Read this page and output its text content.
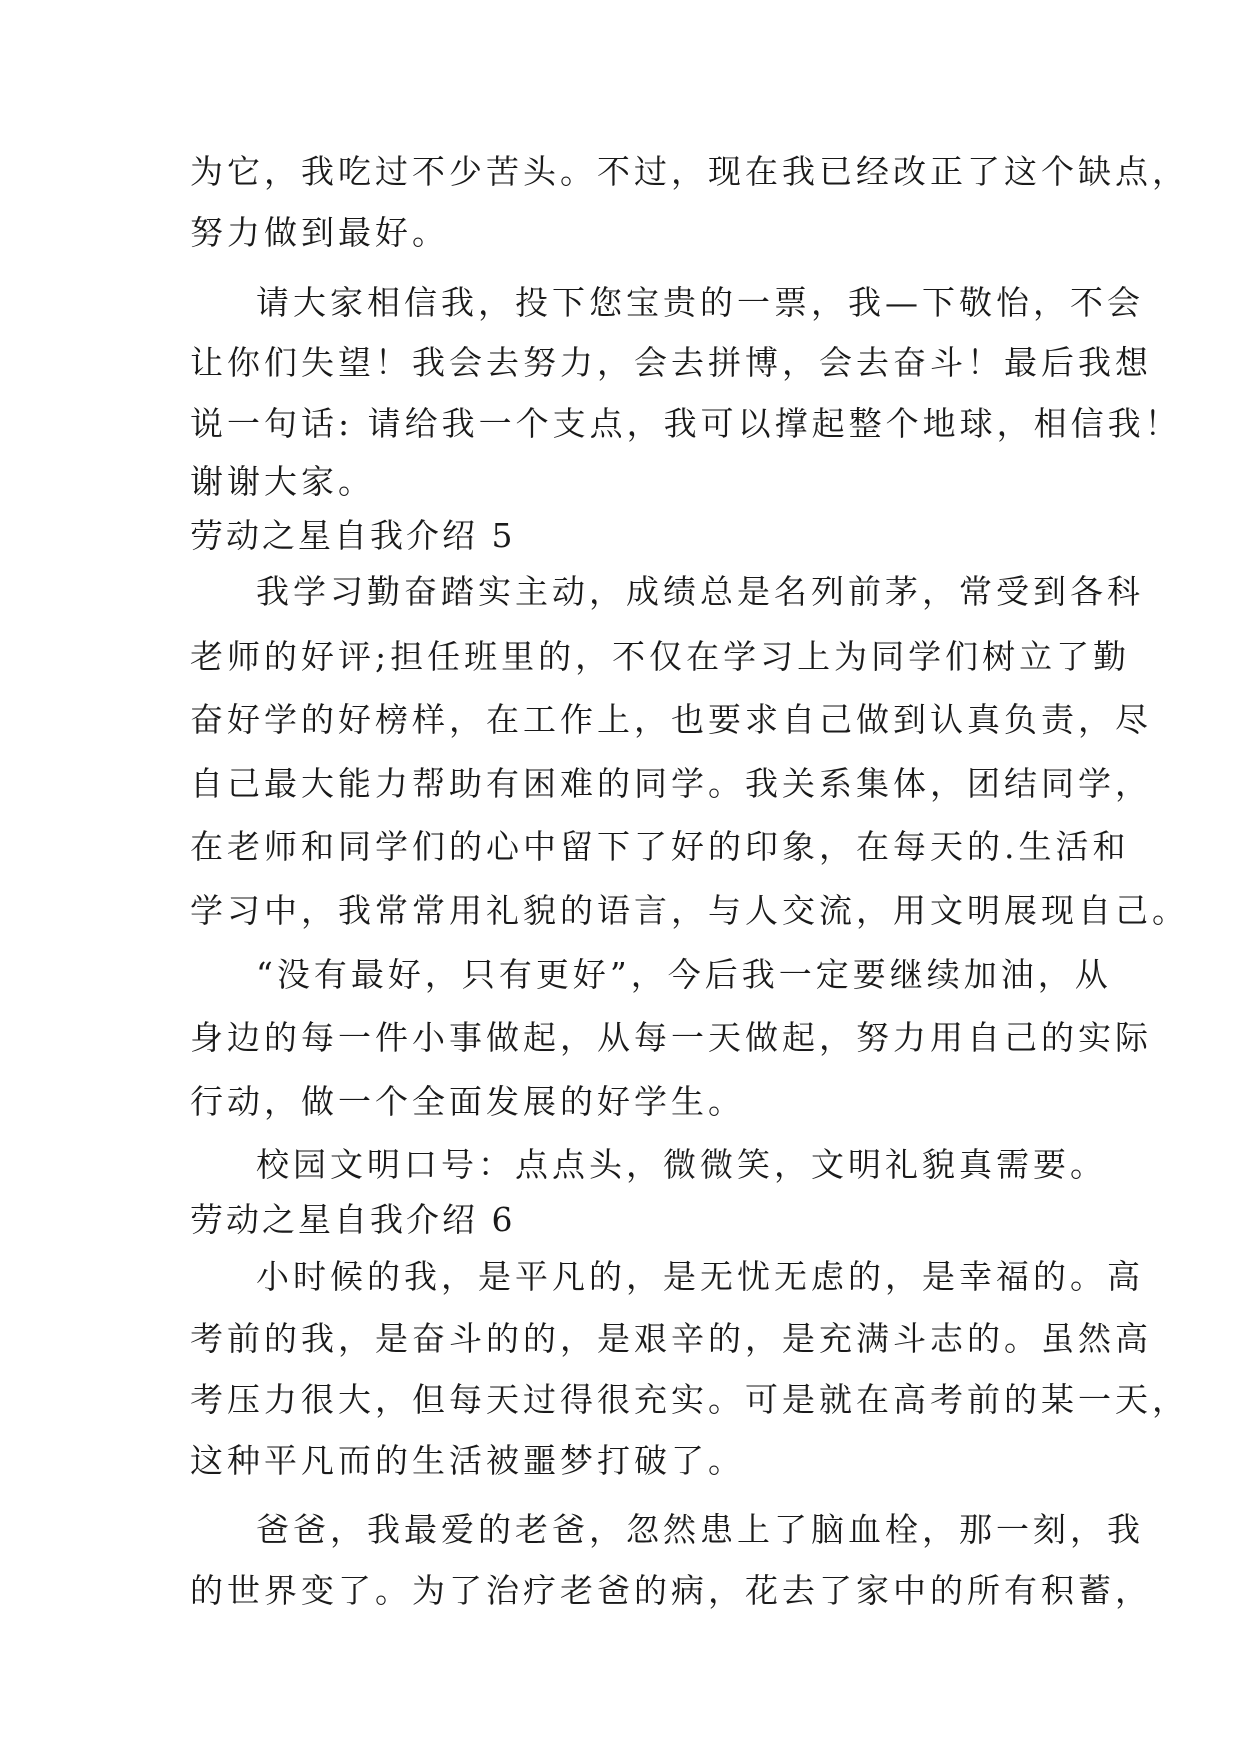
为它，我吃过不少苦头。不过，现在我已经改正了这个缺点，
努力做到最好。
请大家相信我，投下您宝贵的一票，我—下敬怡，不会
让你们失望！我会去努力，会去拼博，会去奋斗！最后我想
说一句话: 请给我一个支点，我可以撑起整个地球，相信我！
谢谢大家。
劳动之星自我介绍 5
我学习勤奋踏实主动，成绩总是名列前茅，常受到各科
老师的好评;担任班里的，不仅在学习上为同学们树立了勤
奋好学的好榜样，在工作上，也要求自己做到认真负责，尽
自己最大能力帮助有困难的同学。我关系集体，团结同学，
在老师和同学们的心中留下了好的印象，在每天的.生活和
学习中，我常常用礼貌的语言，与人交流，用文明展现自己。
“没有最好，只有更好”，今后我一定要继续加油，从
身边的每一件小事做起，从每一天做起，努力用自己的实际
行动，做一个全面发展的好学生。
校园文明口号：点点头，微微笑，文明礼貌真需要。
劳动之星自我介绍 6
小时候的我，是平凡的，是无忧无虑的，是幸福的。高
考前的我，是奋斗的的，是艰辛的，是充满斗志的。虽然高
考压力很大，但每天过得很充实。可是就在高考前的某一天，
这种平凡而的生活被噩梦打破了。
爸爸，我最爱的老爸，忽然患上了脑血栓，那一刻，我
的世界变了。为了治疗老爸的病，花去了家中的所有积蓄，
